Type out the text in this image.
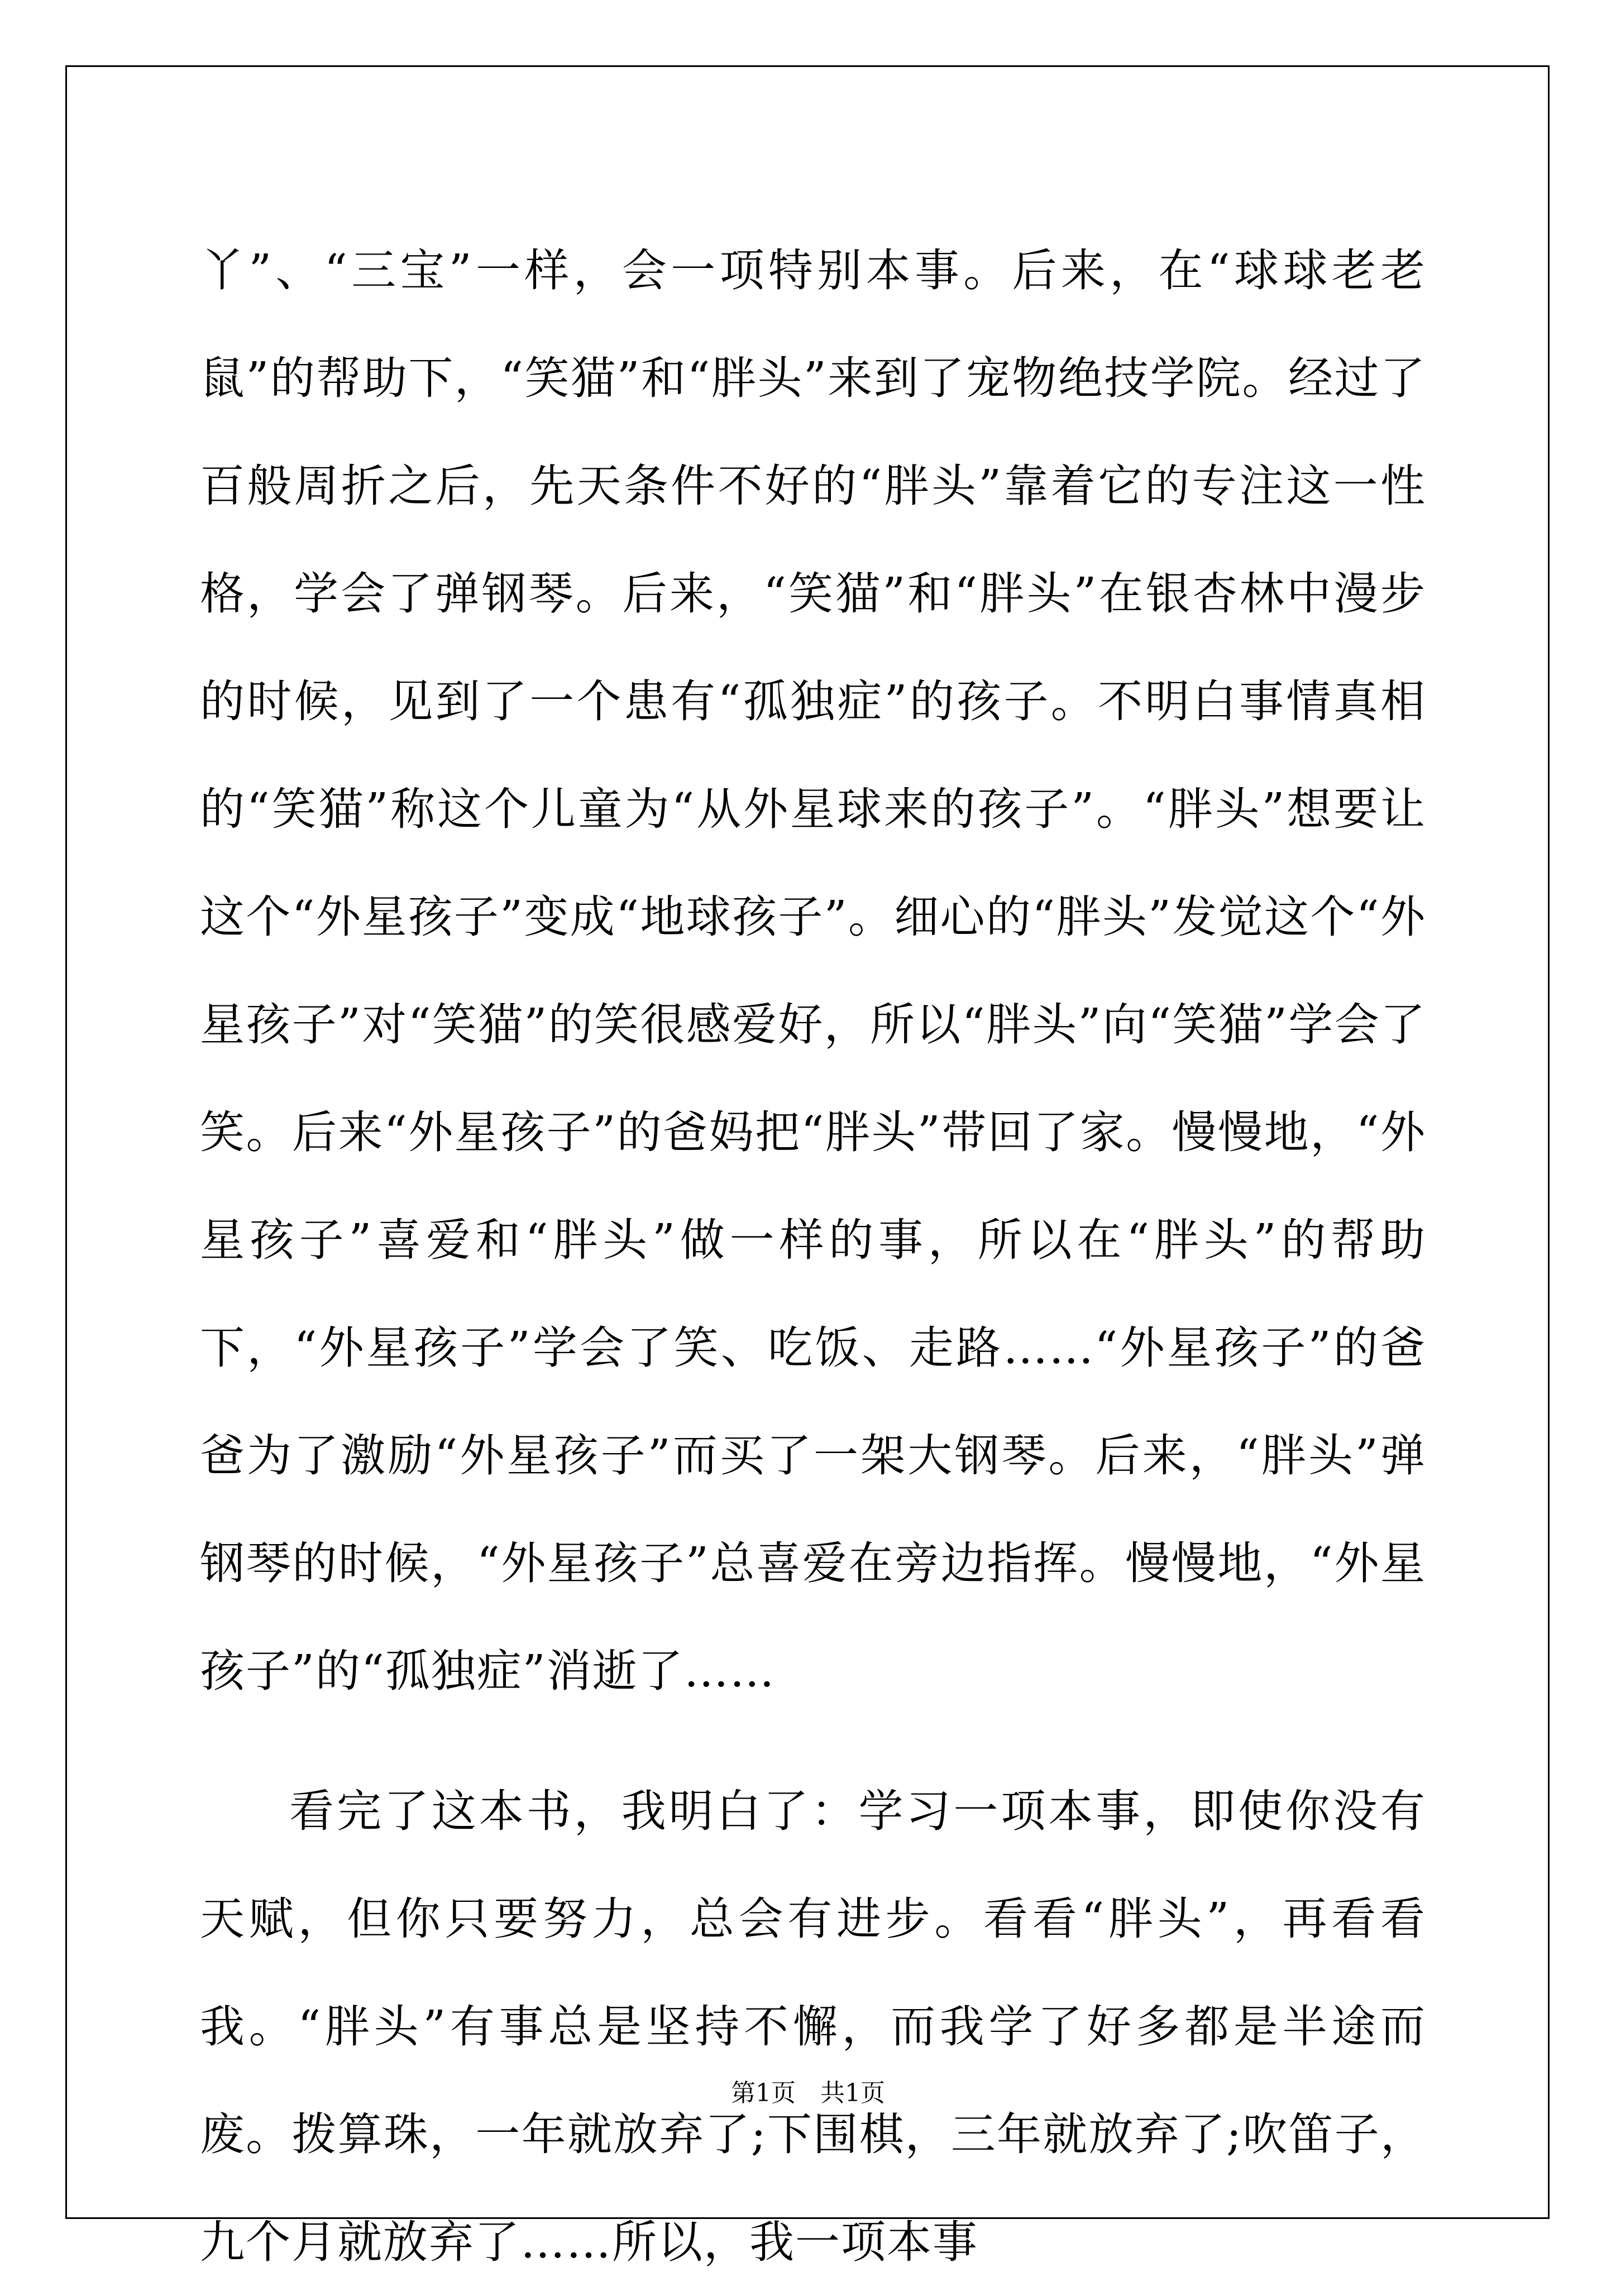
丫”、“三宝”一样，会一项特别本事。后来，在“球球老老鼠”的帮助下，“笑猫”和“胖头”来到了宠物绝技学院。经过了百般周折之后，先天条件不好的“胖头”靠着它的专注这一性格，学会了弹钢琴。后来，“笑猫”和“胖头”在银杏林中漫步的时候，见到了一个患有“孤独症”的孩子。不明白事情真相的“笑猫”称这个儿童为“从外星球来的孩子”。“胖头”想要让这个“外星孩子”变成“地球孩子”。细心的“胖头”发觉这个“外星孩子”对“笑猫”的笑很感爱好，所以“胖头”向“笑猫”学会了笑。后来“外星孩子”的爸妈把“胖头”带回了家。慢慢地，“外星孩子”喜爱和“胖头”做一样的事，所以在“胖头”的帮助下，“外星孩子”学会了笑、吃饭、走路……“外星孩子”的爸爸为了激励“外星孩子”而买了一架大钢琴。后来，“胖头”弹钢琴的时候，“外星孩子”总喜爱在旁边指挥。慢慢地，“外星孩子”的“孤独症”消逝了……

看完了这本书，我明白了：学习一项本事，即使你没有天赋，但你只要努力，总会有进步。看看“胖头”，再看看我。“胖头”有事总是坚持不懈，而我学了好多都是半途而废。拨算珠，一年就放弃了;下围棋，三年就放弃了;吹笛子，九个月就放弃了……所以，我一项本事

第1页　共1页
